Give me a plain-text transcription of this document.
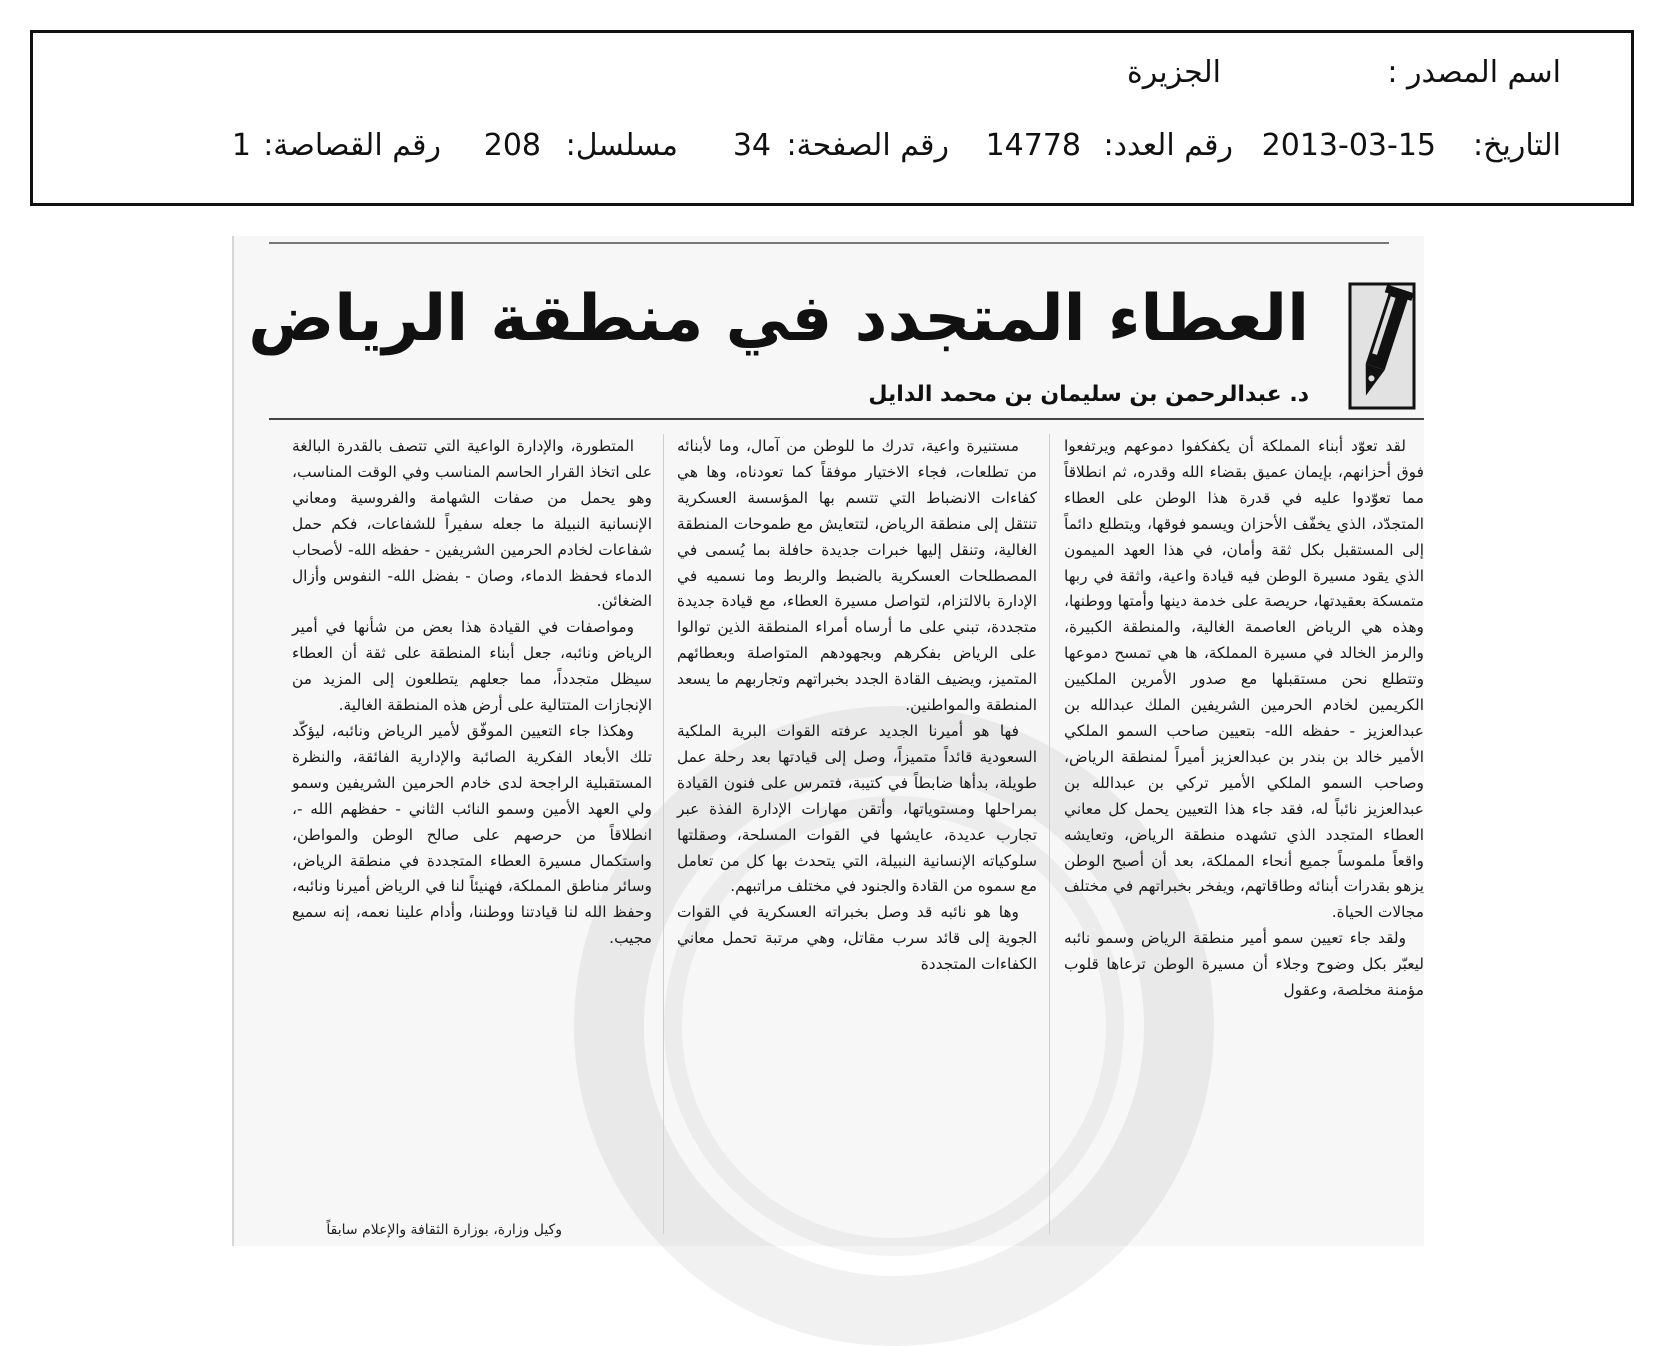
اسم المصدر :
الجزيرة
التاريخ:
2013-03-15
رقم العدد:
14778
رقم الصفحة:
34
مسلسل:
208
رقم القصاصة:
1
العطاء المتجدد في منطقة الرياض
د. عبدالرحمن بن سليمان بن محمد الدايل

لقد تعوّد أبناء المملكة أن يكفكفوا دموعهم ويرتفعوا فوق أحزانهم، بإيمان عميق بقضاء الله وقدره، ثم انطلاقاً مما تعوّدوا عليه في قدرة هذا الوطن على العطاء المتجدّد، الذي يخفّف الأحزان ويسمو فوقها، ويتطلع دائماً إلى المستقبل بكل ثقة وأمان، في هذا العهد الميمون الذي يقود مسيرة الوطن فيه قيادة واعية، واثقة في ربها متمسكة بعقيدتها، حريصة على خدمة دينها وأمتها ووطنها، وهذه هي الرياض العاصمة الغالية، والمنطقة الكبيرة، والرمز الخالد في مسيرة المملكة، ها هي تمسح دموعها وتتطلع نحن مستقبلها مع صدور الأمرين الملكيين الكريمين لخادم الحرمين الشريفين الملك عبدالله بن عبدالعزيز - حفظه الله- بتعيين صاحب السمو الملكي الأمير خالد بن بندر بن عبدالعزيز أميراً لمنطقة الرياض، وصاحب السمو الملكي الأمير تركي بن عبدالله بن عبدالعزيز نائباً له، فقد جاء هذا التعيين يحمل كل معاني العطاء المتجدد الذي تشهده منطقة الرياض، وتعايشه واقعاً ملموساً جميع أنحاء المملكة، بعد أن أصبح الوطن يزهو بقدرات أبنائه وطاقاتهم، ويفخر بخبراتهم في مختلف مجالات الحياة.

ولقد جاء تعيين سمو أمير منطقة الرياض وسمو نائبه ليعبّر بكل وضوح وجلاء أن مسيرة الوطن ترعاها قلوب مؤمنة مخلصة، وعقول

مستنيرة واعية، تدرك ما للوطن من آمال، وما لأبنائه من تطلعات، فجاء الاختيار موفقاً كما تعودناه، وها هي كفاءات الانضباط التي تتسم بها المؤسسة العسكرية تنتقل إلى منطقة الرياض، لتتعايش مع طموحات المنطقة الغالية، وتنقل إليها خبرات جديدة حافلة بما يُسمى في المصطلحات العسكرية بالضبط والربط وما نسميه في الإدارة بالالتزام، لتواصل مسيرة العطاء، مع قيادة جديدة متجددة، تبني على ما أرساه أمراء المنطقة الذين توالوا على الرياض بفكرهم وبجهودهم المتواصلة وبعطائهم المتميز، ويضيف القادة الجدد بخبراتهم وتجاربهم ما يسعد المنطقة والمواطنين.

فها هو أميرنا الجديد عرفته القوات البرية الملكية السعودية قائداً متميزاً، وصل إلى قيادتها بعد رحلة عمل طويلة، بدأها ضابطاً في كتيبة، فتمرس على فنون القيادة بمراحلها ومستوياتها، وأتقن مهارات الإدارة الفذة عبر تجارب عديدة، عايشها في القوات المسلحة، وصقلتها سلوكياته الإنسانية النبيلة، التي يتحدث بها كل من تعامل مع سموه من القادة والجنود في مختلف مراتبهم.

وها هو نائبه قد وصل بخبراته العسكرية في القوات الجوية إلى قائد سرب مقاتل، وهي مرتبة تحمل معاني الكفاءات المتجددة

المتطورة، والإدارة الواعية التي تتصف بالقدرة البالغة على اتخاذ القرار الحاسم المناسب وفي الوقت المناسب، وهو يحمل من صفات الشهامة والفروسية ومعاني الإنسانية النبيلة ما جعله سفيراً للشفاعات، فكم حمل شفاعات لخادم الحرمين الشريفين - حفظه الله- لأصحاب الدماء فحفظ الدماء، وصان - بفضل الله- النفوس وأزال الضغائن.

ومواصفات في القيادة هذا بعض من شأنها في أمير الرياض ونائبه، جعل أبناء المنطقة على ثقة أن العطاء سيظل متجدداً، مما جعلهم يتطلعون إلى المزيد من الإنجازات المتتالية على أرض هذه المنطقة الغالية.

وهكذا جاء التعيين الموفّق لأمير الرياض ونائبه، ليؤكّد تلك الأبعاد الفكرية الصائبة والإدارية الفائقة، والنظرة المستقبلية الراجحة لدى خادم الحرمين الشريفين وسمو ولي العهد الأمين وسمو النائب الثاني - حفظهم الله -، انطلاقاً من حرصهم على صالح الوطن والمواطن، واستكمال مسيرة العطاء المتجددة في منطقة الرياض، وسائر مناطق المملكة، فهنيئاً لنا في الرياض أميرنا ونائبه، وحفظ الله لنا قيادتنا ووطننا، وأدام علينا نعمه، إنه سميع مجيب.

وكيل وزارة، بوزارة الثقافة والإعلام سابقاً
